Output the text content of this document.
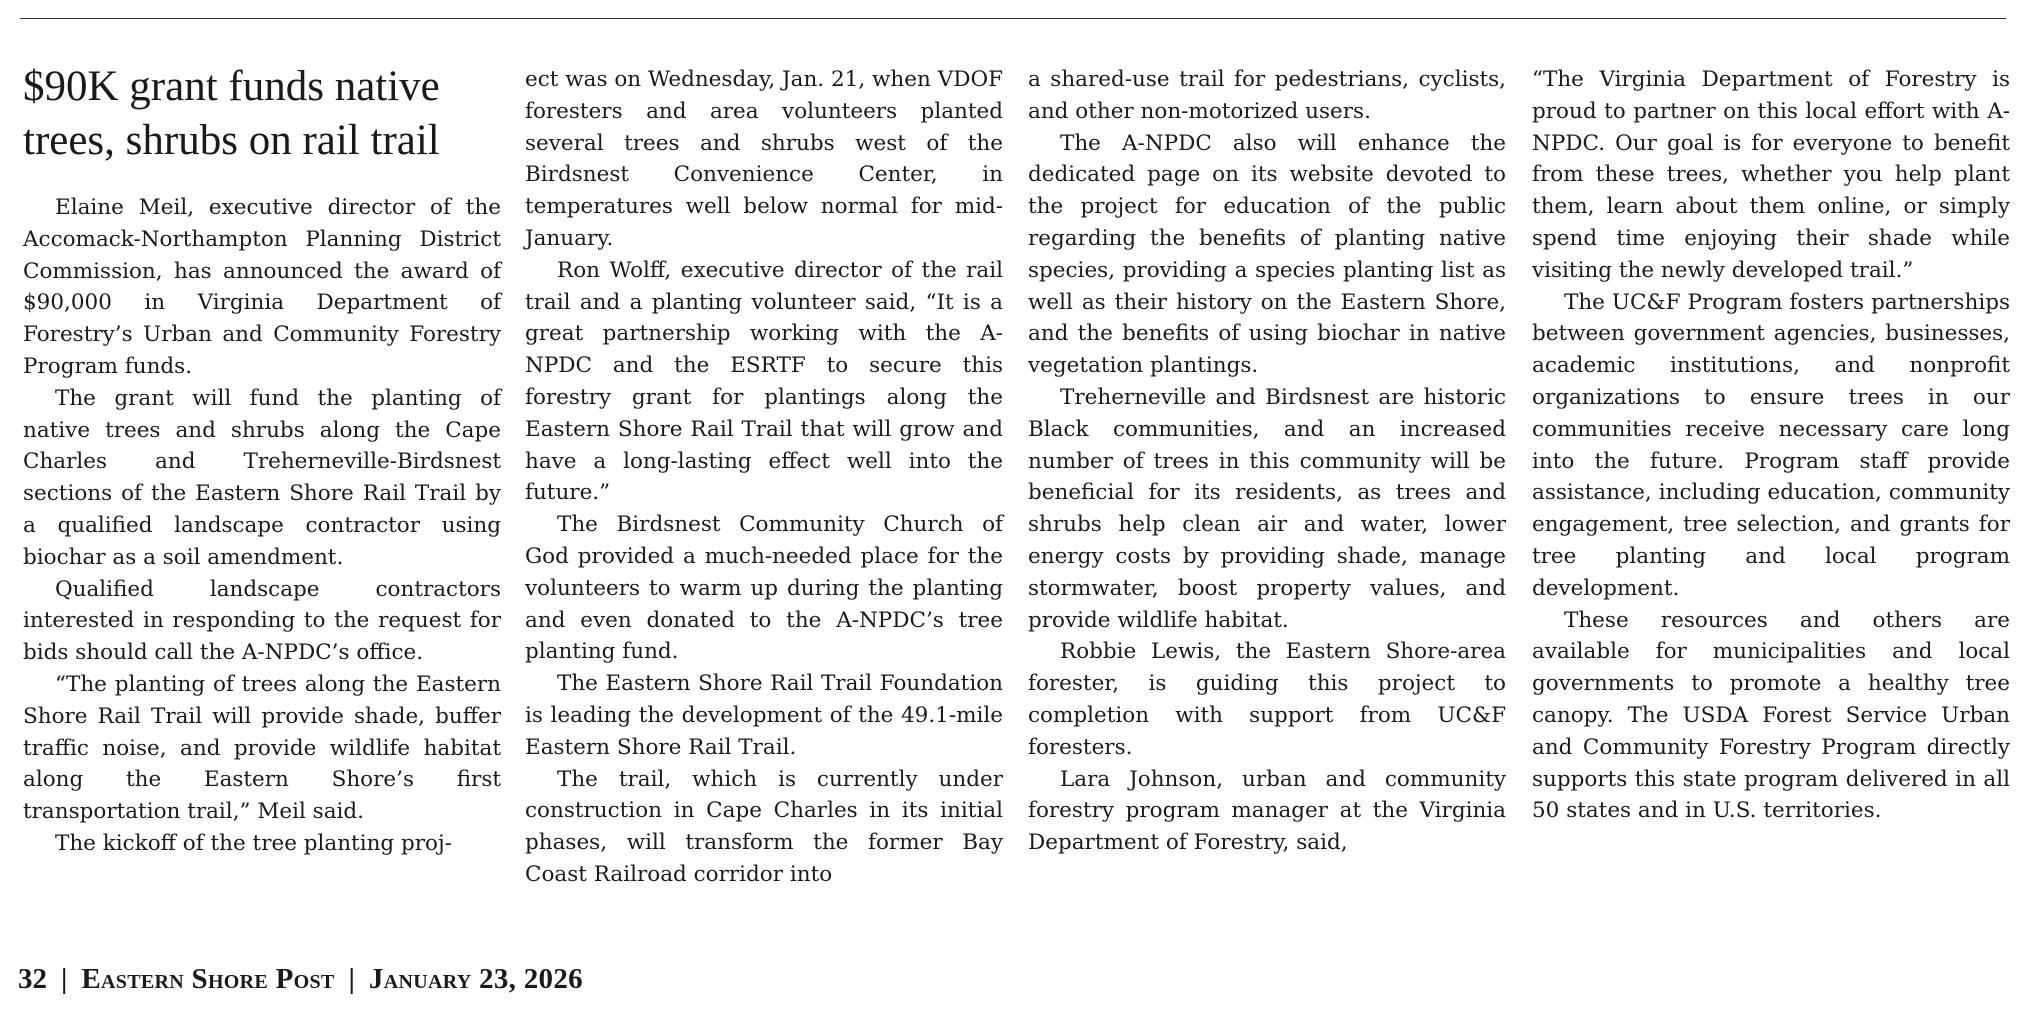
$90K grant funds native trees, shrubs on rail trail

Elaine Meil, executive director of the Accomack-Northampton Planning District Commission, has announced the award of $90,000 in Virginia Department of Forestry’s Urban and Community Forestry Program funds.

The grant will fund the planting of native trees and shrubs along the Cape Charles and Treherneville-Birdsnest sections of the Eastern Shore Rail Trail by a qualified landscape contractor using biochar as a soil amendment.

Qualified landscape contractors interested in responding to the request for bids should call the A-NPDC’s office.

“The planting of trees along the Eastern Shore Rail Trail will provide shade, buffer traffic noise, and provide wildlife habitat along the Eastern Shore’s first transportation trail,” Meil said.

The kickoff of the tree planting proj-

ect was on Wednesday, Jan. 21, when VDOF foresters and area volunteers planted several trees and shrubs west of the Birdsnest Convenience Center, in temperatures well below normal for mid-January.

Ron Wolff, executive director of the rail trail and a planting volunteer said, “It is a great partnership working with the A-NPDC and the ESRTF to secure this forestry grant for plantings along the Eastern Shore Rail Trail that will grow and have a long-lasting effect well into the future.”

The Birdsnest Community Church of God provided a much-needed place for the volunteers to warm up during the planting and even donated to the A-NPDC’s tree planting fund.

The Eastern Shore Rail Trail Foundation is leading the development of the 49.1-mile Eastern Shore Rail Trail.

The trail, which is currently under construction in Cape Charles in its initial phases, will transform the former Bay Coast Railroad corridor into

a shared-use trail for pedestrians, cyclists, and other non-motorized users.

The A-NPDC also will enhance the dedicated page on its website devoted to the project for education of the public regarding the benefits of planting native species, providing a species planting list as well as their history on the Eastern Shore, and the benefits of using biochar in native vegetation plantings.

Treherneville and Birdsnest are historic Black communities, and an increased number of trees in this community will be beneficial for its residents, as trees and shrubs help clean air and water, lower energy costs by providing shade, manage stormwater, boost property values, and provide wildlife habitat.

Robbie Lewis, the Eastern Shore-area forester, is guiding this project to completion with support from UC&F foresters.

Lara Johnson, urban and community forestry program manager at the Virginia Department of Forestry, said,

“The Virginia Department of Forestry is proud to partner on this local effort with A-NPDC. Our goal is for everyone to benefit from these trees, whether you help plant them, learn about them online, or simply spend time enjoying their shade while visiting the newly developed trail.”

The UC&F Program fosters partnerships between government agencies, businesses, academic institutions, and nonprofit organizations to ensure trees in our communities receive necessary care long into the future. Program staff provide assistance, including education, community engagement, tree selection, and grants for tree planting and local program development.

These resources and others are available for municipalities and local governments to promote a healthy tree canopy. The USDA Forest Service Urban and Community Forestry Program directly supports this state program delivered in all 50 states and in U.S. territories.

32 | Eastern Shore Post | January 23, 2026
